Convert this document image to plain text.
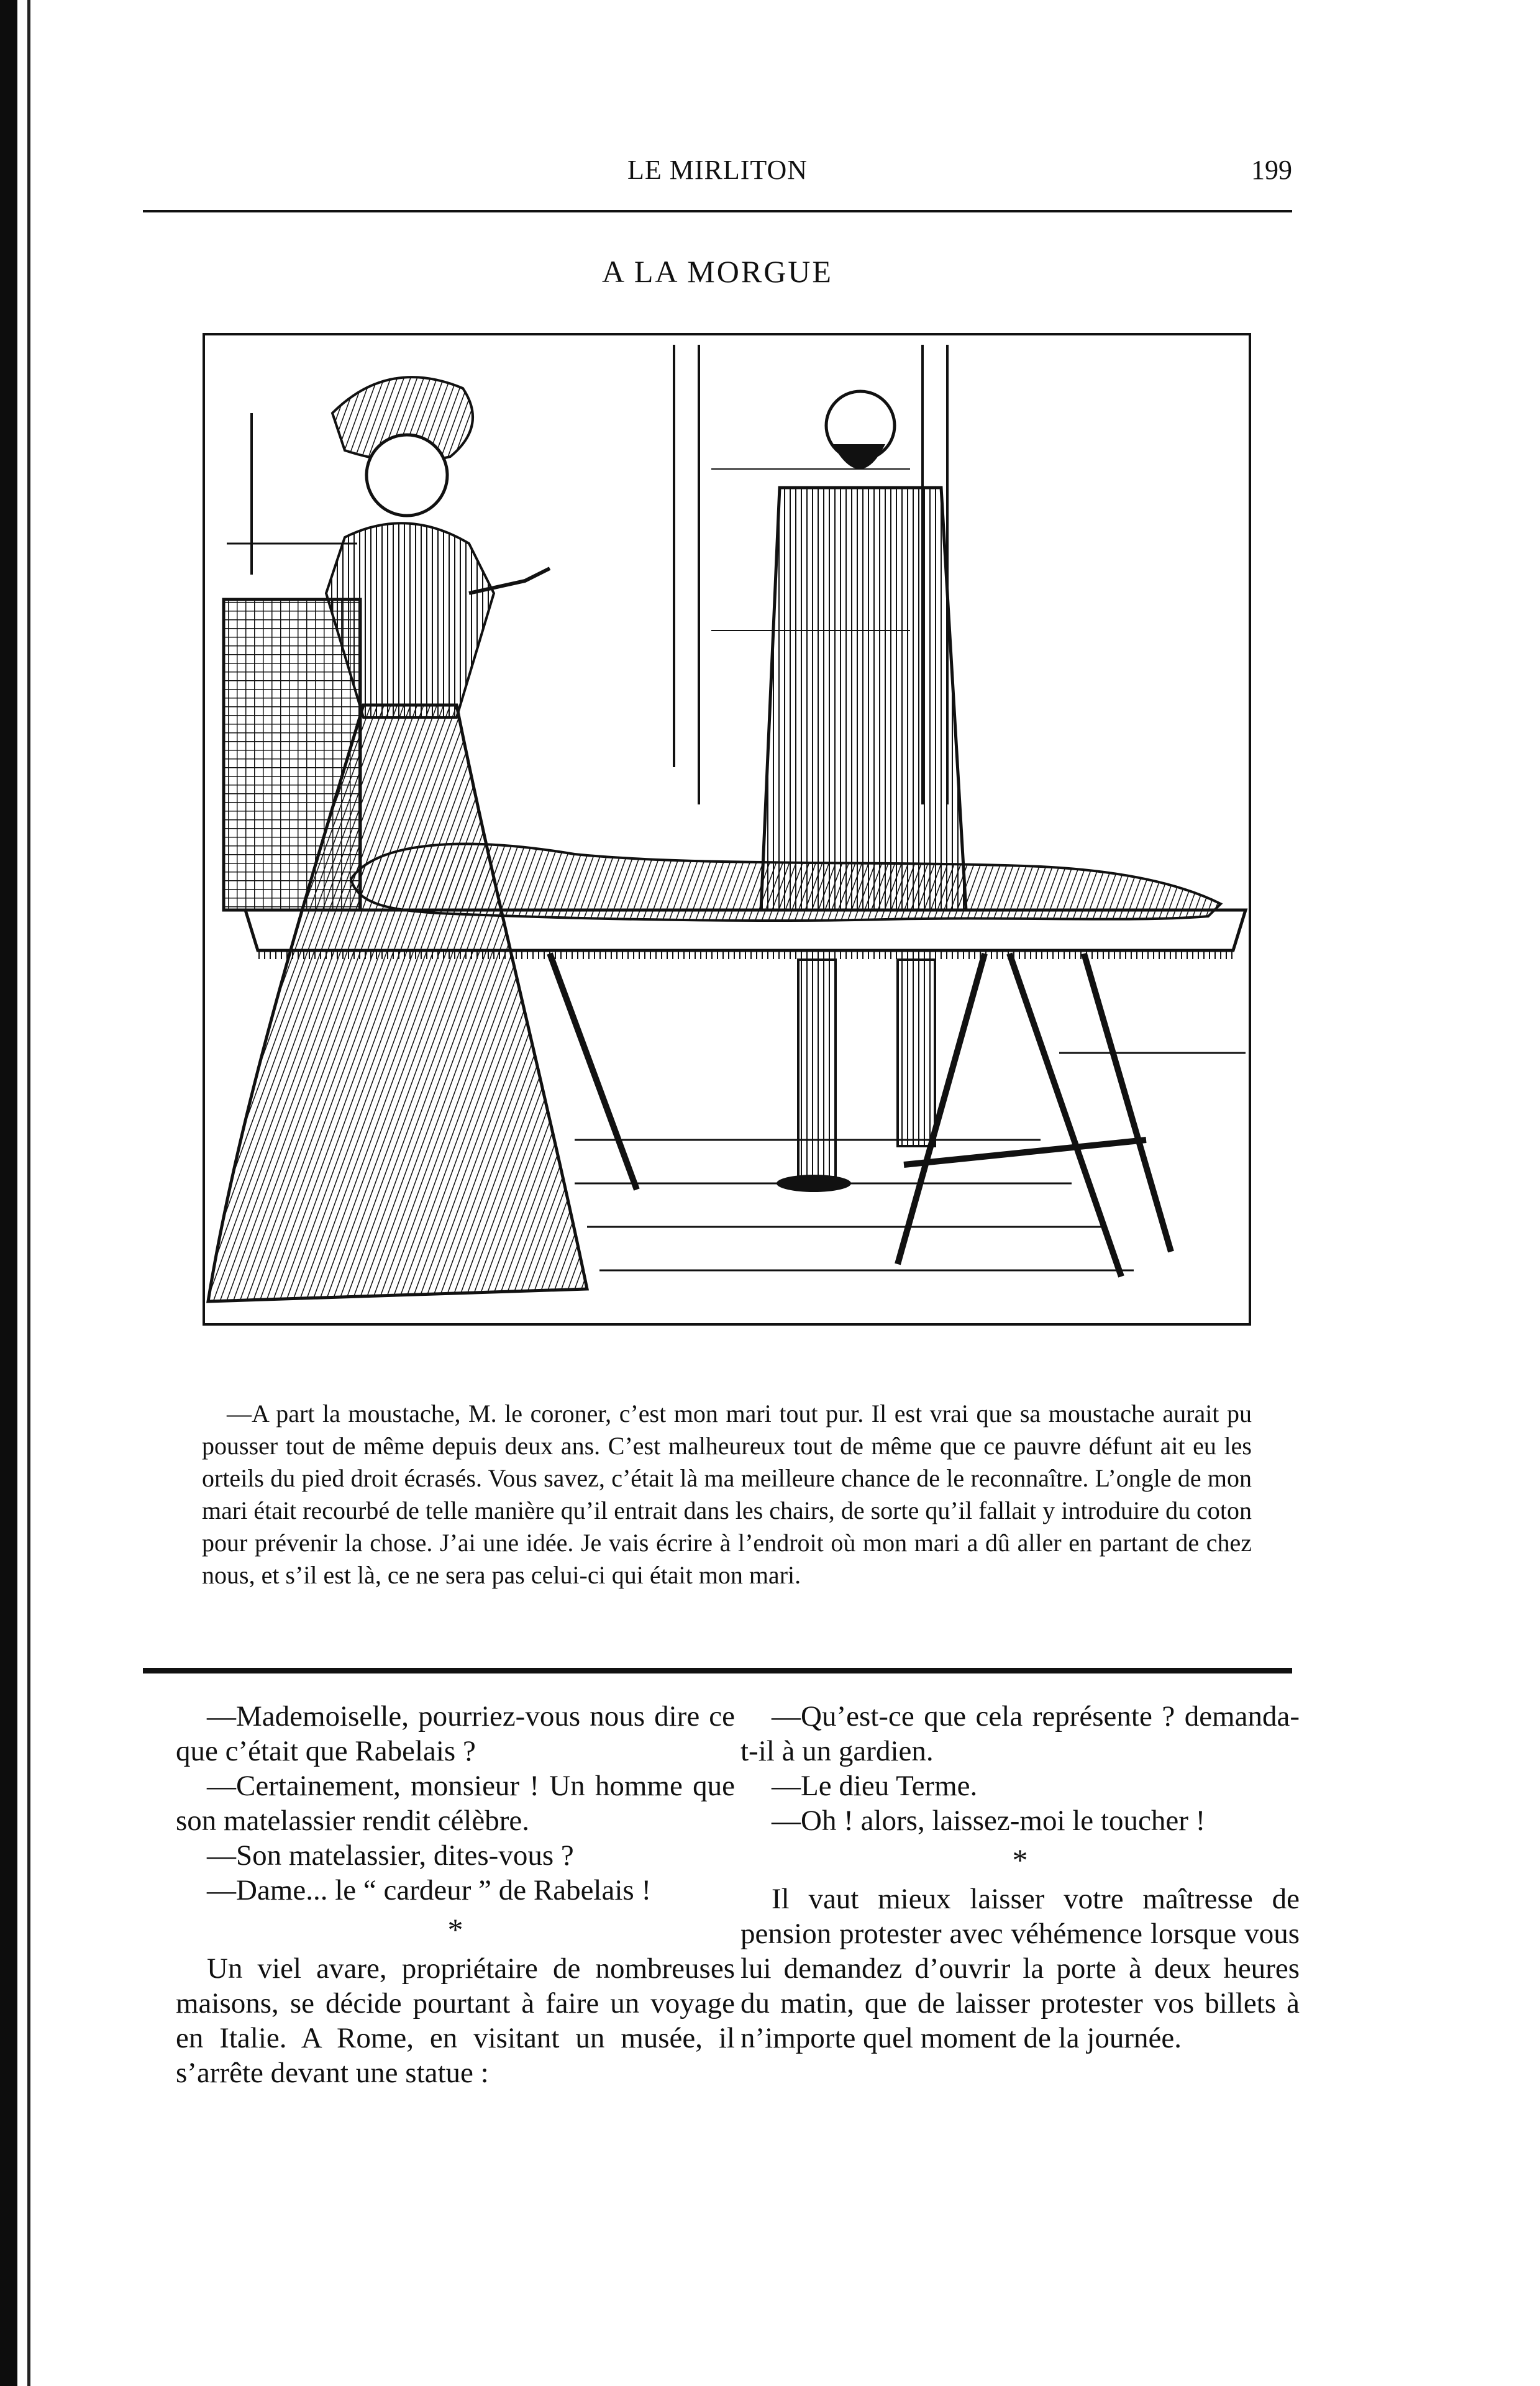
LE MIRLITON	199
A LA MORGUE

—A part la moustache, M. le coroner, c’est mon mari tout pur. Il est vrai que sa moustache aurait pu pousser tout de même depuis deux ans. C’est malheureux tout de même que ce pauvre défunt ait eu les orteils du pied droit écrasés. Vous savez, c’était là ma meilleure chance de le reconnaître. L’ongle de mon mari était recourbé de telle manière qu’il entrait dans les chairs, de sorte qu’il fallait y introduire du coton pour prévenir la chose. J’ai une idée. Je vais écrire à l’endroit où mon mari a dû aller en partant de chez nous, et s’il est là, ce ne sera pas celui-ci qui était mon mari.

—Mademoiselle, pourriez-vous nous dire ce que c’était que Rabelais ?

—Certainement, monsieur ! Un homme que son matelassier rendit célèbre.

—Son matelassier, dites-vous ?

—Dame... le “ cardeur ” de Rabelais !

*

Un viel avare, propriétaire de nombreuses maisons, se décide pourtant à faire un voyage en Italie. A Rome, en visitant un musée, il s’arrête devant une statue :

—Qu’est-ce que cela représente ? demanda-t-il à un gardien.

—Le dieu Terme.

—Oh ! alors, laissez-moi le toucher !

*

Il vaut mieux laisser votre maîtresse de pension protester avec véhémence lorsque vous lui demandez d’ouvrir la porte à deux heures du matin, que de laisser protester vos billets à n’importe quel moment de la journée.
